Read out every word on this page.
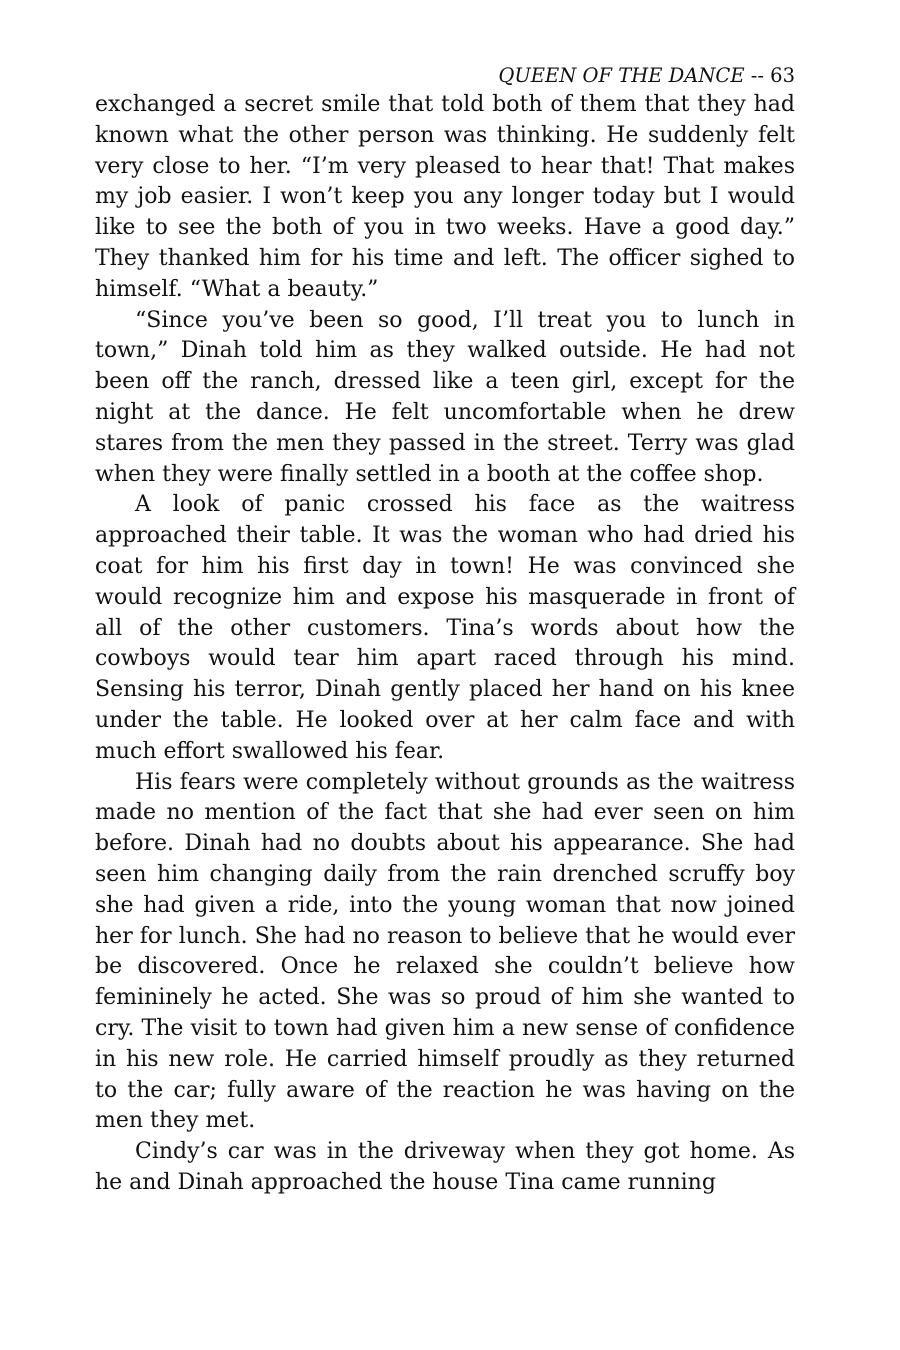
QUEEN OF THE DANCE -- 63

exchanged a secret smile that told both of them that they had known what the other person was thinking. He suddenly felt very close to her. “I’m very pleased to hear that! That makes my job easier. I won’t keep you any longer today but I would like to see the both of you in two weeks. Have a good day.” They thanked him for his time and left. The officer sighed to himself. “What a beauty.”

“Since you’ve been so good, I’ll treat you to lunch in town,” Dinah told him as they walked outside. He had not been off the ranch, dressed like a teen girl, except for the night at the dance. He felt uncomfortable when he drew stares from the men they passed in the street. Terry was glad when they were finally settled in a booth at the coffee shop.

A look of panic crossed his face as the waitress approached their table. It was the woman who had dried his coat for him his first day in town! He was convinced she would recognize him and expose his masquerade in front of all of the other customers. Tina’s words about how the cowboys would tear him apart raced through his mind. Sensing his terror, Dinah gently placed her hand on his knee under the table. He looked over at her calm face and with much effort swallowed his fear.

His fears were completely without grounds as the waitress made no mention of the fact that she had ever seen on him before. Dinah had no doubts about his appearance. She had seen him changing daily from the rain drenched scruffy boy she had given a ride, into the young woman that now joined her for lunch. She had no reason to believe that he would ever be discovered. Once he relaxed she couldn’t believe how femininely he acted. She was so proud of him she wanted to cry. The visit to town had given him a new sense of confidence in his new role. He carried himself proudly as they returned to the car; fully aware of the reaction he was having on the men they met.

Cindy’s car was in the driveway when they got home. As he and Dinah approached the house Tina came running
